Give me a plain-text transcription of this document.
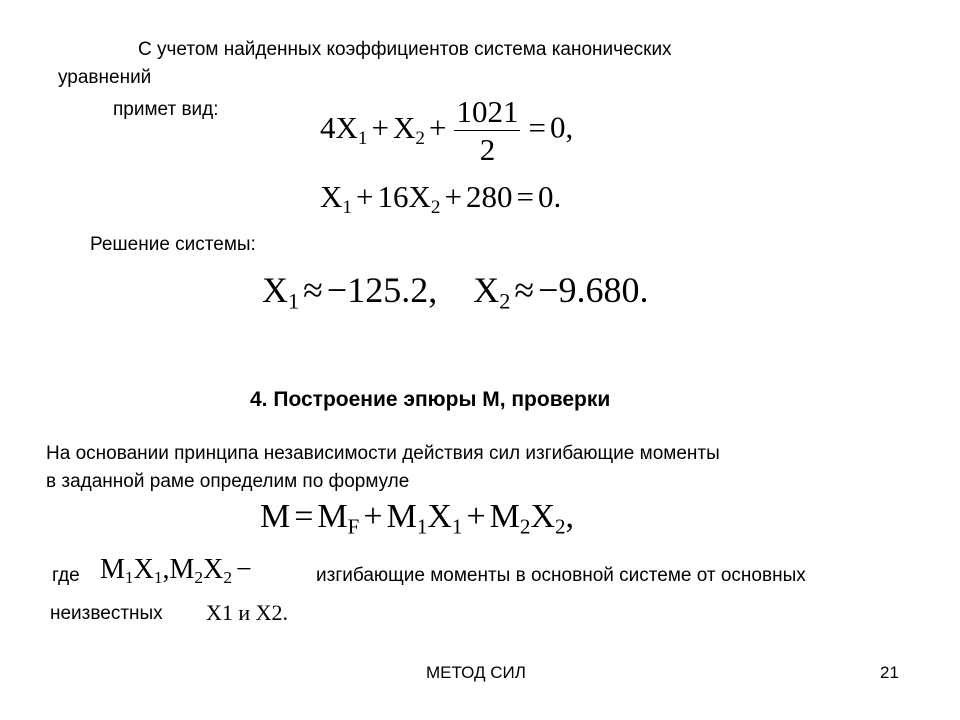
С учетом найденных коэффициентов система канонических
уравнений
примет вид:
$4X_1 + X_2 + \frac{1021}{2} = 0$,
$X_1 + 16X_2 + 280 = 0$.
Решение системы:
$X_1 \approx -125.2$, $X_2 \approx -9.680$.
4. Построение эпюры М, проверки
На основании принципа независимости действия сил изгибающие моменты
в заданной раме определим по формуле
$M = M_F + M_1X_1 + M_2X_2$,
где $M_1X_1,M_2X_2$ −	изгибающие моменты в основной системе от основных
неизвестных X1 и X2.
МЕТОД СИЛ	21
